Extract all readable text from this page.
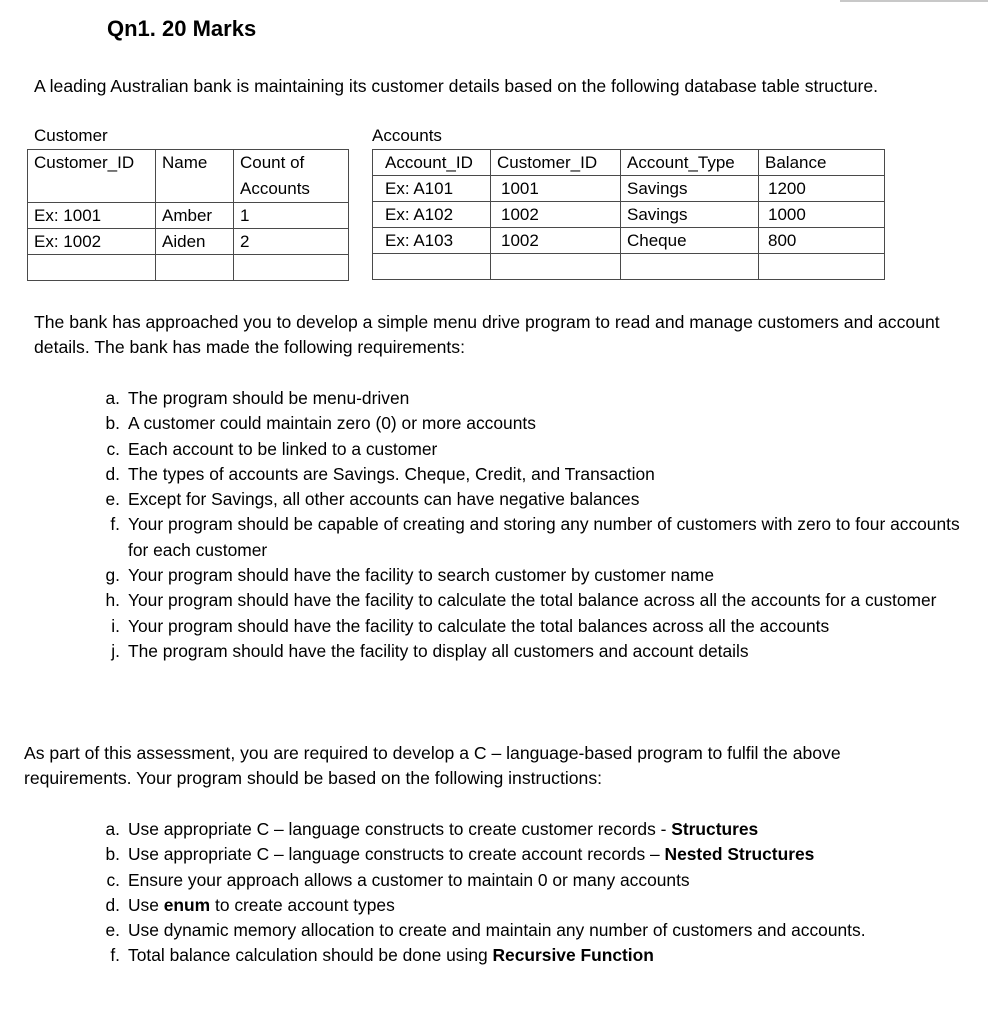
Qn1. 20 Marks
A leading Australian bank is maintaining its customer details based on the following database table structure.
Customer
Customer_ID	Name	Count of Accounts
Ex: 1001	Amber	1
Ex: 1002	Aiden	2

Accounts
Account_ID	Customer_ID	Account_Type	Balance
Ex: A101	1001	Savings	1200
Ex: A102	1002	Savings	1000
Ex: A103	1002	Cheque	800

The bank has approached you to develop a simple menu drive program to read and manage customers and account details. The bank has made the following requirements:
a. The program should be menu-driven
b. A customer could maintain zero (0) or more accounts
c. Each account to be linked to a customer
d. The types of accounts are Savings. Cheque, Credit, and Transaction
e. Except for Savings, all other accounts can have negative balances
f. Your program should be capable of creating and storing any number of customers with zero to four accounts for each customer
g. Your program should have the facility to search customer by customer name
h. Your program should have the facility to calculate the total balance across all the accounts for a customer
i. Your program should have the facility to calculate the total balances across all the accounts
j. The program should have the facility to display all customers and account details
As part of this assessment, you are required to develop a C – language-based program to fulfil the above requirements. Your program should be based on the following instructions:
a. Use appropriate C – language constructs to create customer records - Structures
b. Use appropriate C – language constructs to create account records – Nested Structures
c. Ensure your approach allows a customer to maintain 0 or many accounts
d. Use enum to create account types
e. Use dynamic memory allocation to create and maintain any number of customers and accounts.
f. Total balance calculation should be done using Recursive Function
